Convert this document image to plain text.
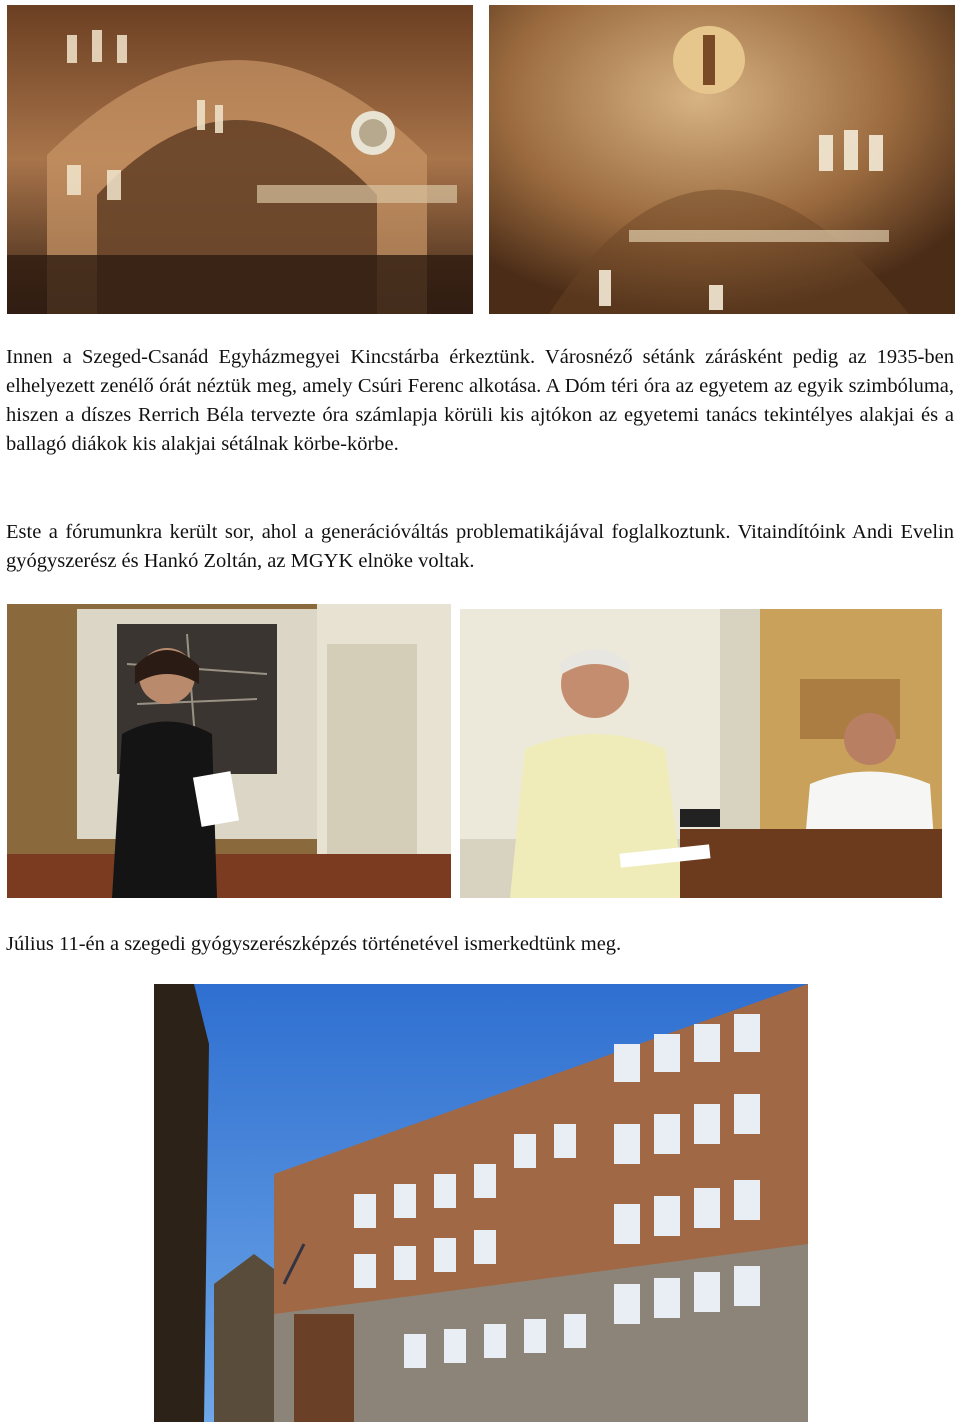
Innen a Szeged-Csanád Egyházmegyei Kincstárba érkeztünk. Városnéző sétánk zárásként pedig az 1935-ben elhelyezett zenélő órát néztük meg, amely Csúri Ferenc alkotása. A Dóm téri óra az egyetem az egyik szimbóluma, hiszen a díszes Rerrich Béla tervezte óra számlapja körüli kis ajtókon az egyetemi tanács tekintélyes alakjai és a ballagó diákok kis alakjai sétálnak körbe-körbe.
Este a fórumunkra került sor, ahol a generációváltás problematikájával foglalkoztunk. Vitaindítóink Andi Evelin gyógyszerész és Hankó Zoltán, az MGYK elnöke voltak.
Július 11-én a szegedi gyógyszerészképzés történetével ismerkedtünk meg.
